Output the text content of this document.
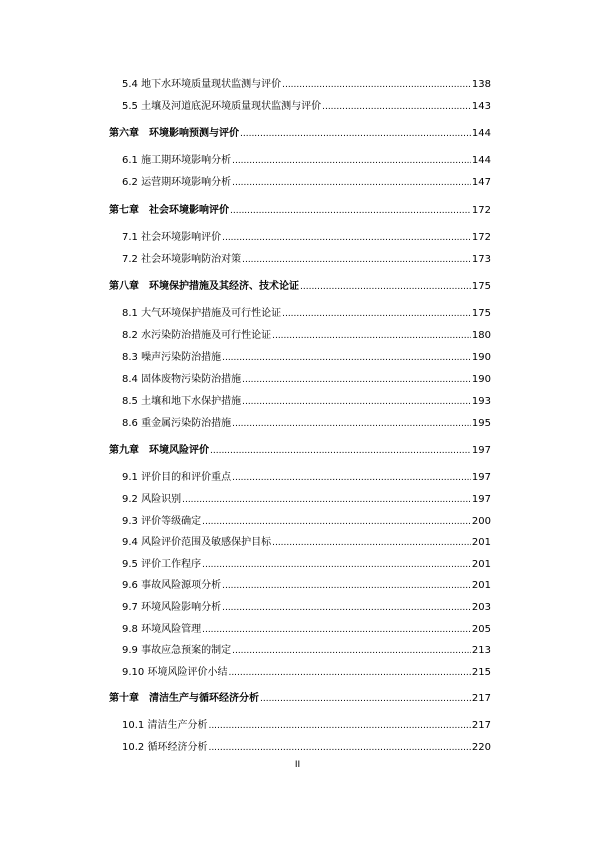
5.4 地下水环境质量现状监测与评价 .....	138
5.5 土壤及河道底泥环境质量现状监测与评价 .....	143
第六章　环境影响预测与评价 .....	144
6.1 施工期环境影响分析 .....	144
6.2 运营期环境影响分析 .....	147
第七章　社会环境影响评价 .....	172
7.1 社会环境影响评价 .....	172
7.2 社会环境影响防治对策 .....	173
第八章　环境保护措施及其经济、技术论证 .....	175
8.1 大气环境保护措施及可行性论证 .....	175
8.2 水污染防治措施及可行性论证 .....	180
8.3 噪声污染防治措施 .....	190
8.4 固体废物污染防治措施 .....	190
8.5 土壤和地下水保护措施 .....	193
8.6 重金属污染防治措施 .....	195
第九章　环境风险评价 .....	197
9.1 评价目的和评价重点 .....	197
9.2 风险识别 .....	197
9.3 评价等级确定 .....	200
9.4 风险评价范围及敏感保护目标 .....	201
9.5 评价工作程序 .....	201
9.6 事故风险源项分析 .....	201
9.7 环境风险影响分析 .....	203
9.8 环境风险管理 .....	205
9.9 事故应急预案的制定 .....	213
9.10 环境风险评价小结 .....	215
第十章　清洁生产与循环经济分析 .....	217
10.1 清洁生产分析 .....	217
10.2 循环经济分析 .....	220
II
